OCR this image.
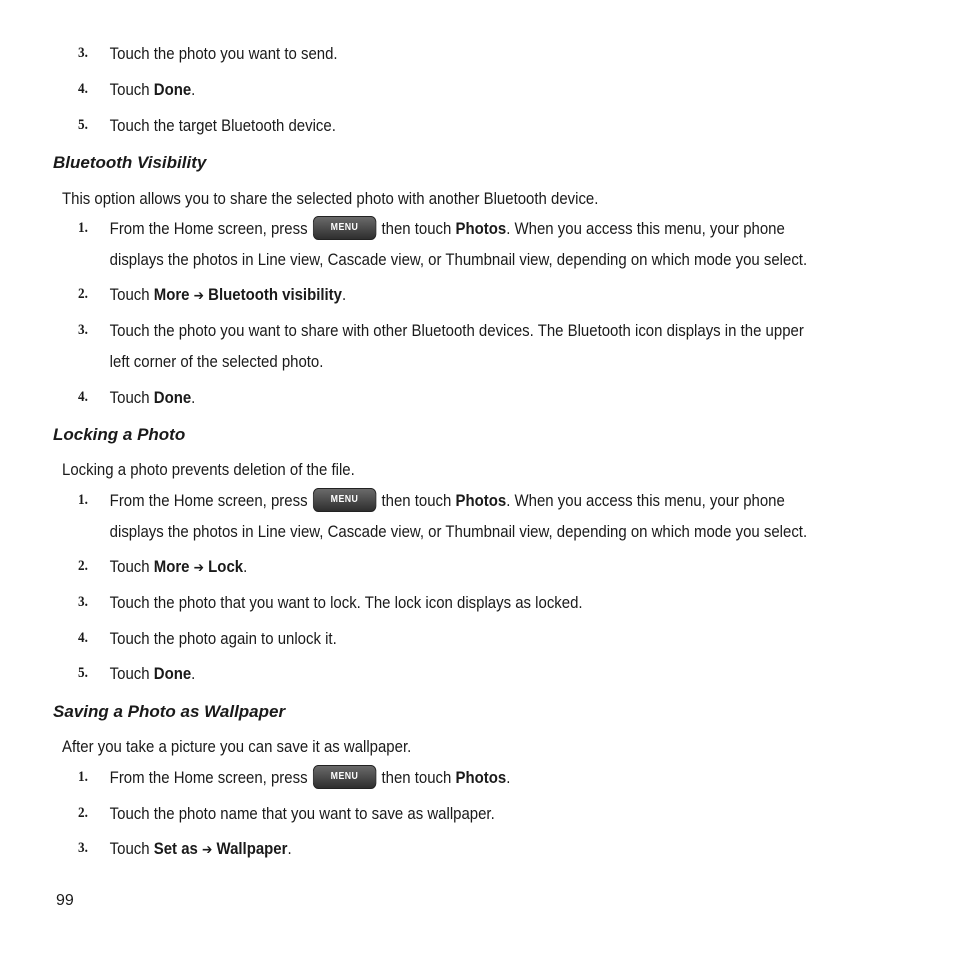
3. Touch the photo you want to send.
4. Touch Done.
5. Touch the target Bluetooth device.
Bluetooth Visibility
This option allows you to share the selected photo with another Bluetooth device.
1. From the Home screen, press MENU then touch Photos. When you access this menu, your phone displays the photos in Line view, Cascade view, or Thumbnail view, depending on which mode you select.
2. Touch More ➔ Bluetooth visibility.
3. Touch the photo you want to share with other Bluetooth devices. The Bluetooth icon displays in the upper left corner of the selected photo.
4. Touch Done.
Locking a Photo
Locking a photo prevents deletion of the file.
1. From the Home screen, press MENU then touch Photos. When you access this menu, your phone displays the photos in Line view, Cascade view, or Thumbnail view, depending on which mode you select.
2. Touch More ➔ Lock.
3. Touch the photo that you want to lock. The lock icon displays as locked.
4. Touch the photo again to unlock it.
5. Touch Done.
Saving a Photo as Wallpaper
After you take a picture you can save it as wallpaper.
1. From the Home screen, press MENU then touch Photos.
2. Touch the photo name that you want to save as wallpaper.
3. Touch Set as ➔ Wallpaper.
99
